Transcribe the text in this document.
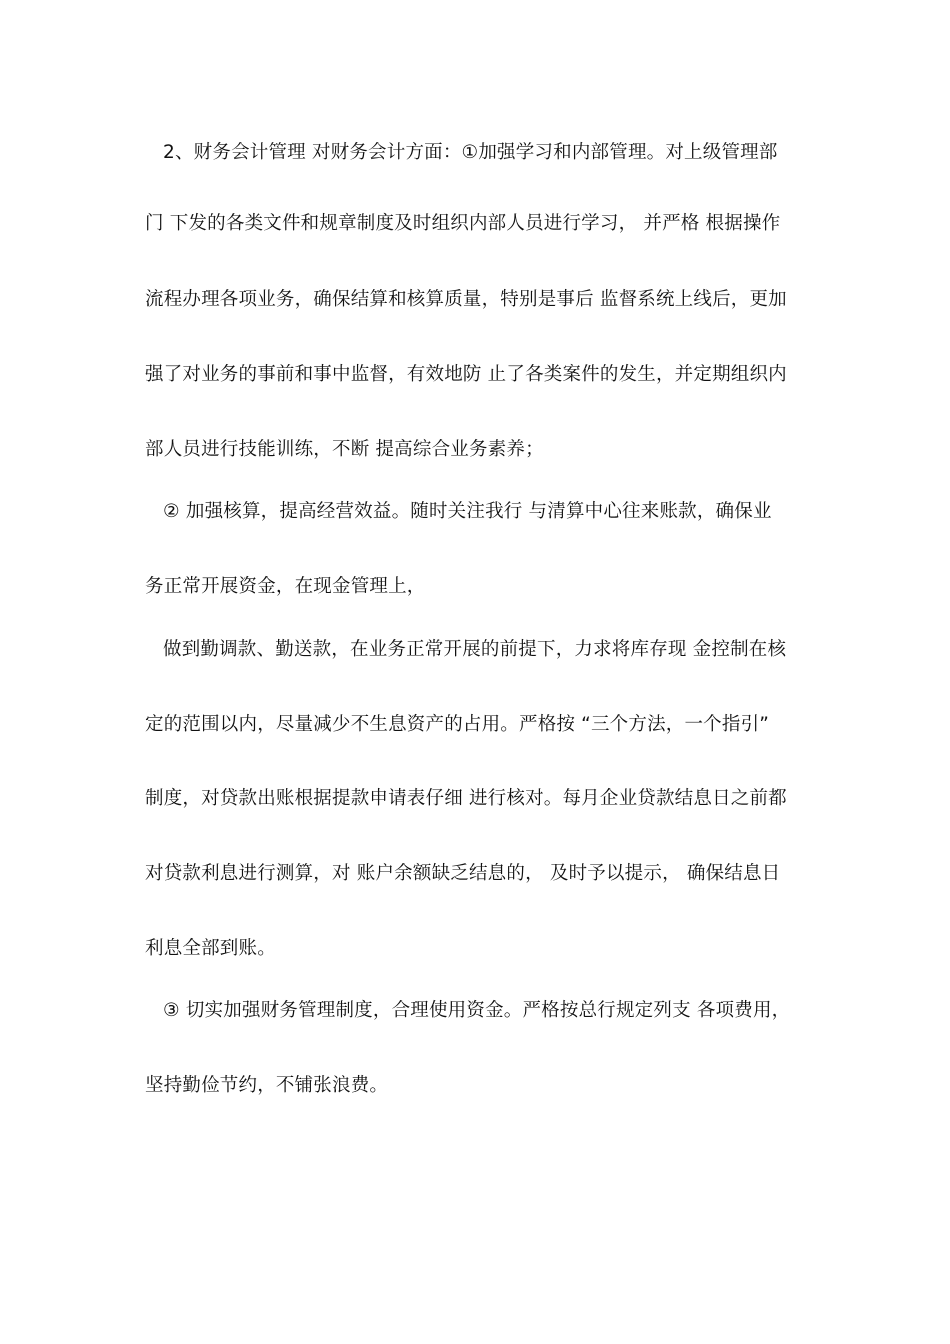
2、财务会计管理 对财务会计方面：①加强学习和内部管理。对上级管理部
门 下发的各类文件和规章制度及时组织内部人员进行学习， 并严格 根据操作
流程办理各项业务，确保结算和核算质量，特别是事后 监督系统上线后，更加
强了对业务的事前和事中监督，有效地防 止了各类案件的发生，并定期组织内
部人员进行技能训练，不断 提高综合业务素养；
② 加强核算，提高经营效益。随时关注我行 与清算中心往来账款，确保业
务正常开展资金，在现金管理上，
做到勤调款、勤送款，在业务正常开展的前提下，力求将库存现 金控制在核
定的范围以内，尽量减少不生息资产的占用。严格按 “三个方法，一个指引”
制度，对贷款出账根据提款申请表仔细 进行核对。每月企业贷款结息日之前都
对贷款利息进行测算，对 账户余额缺乏结息的， 及时予以提示， 确保结息日
利息全部到账。
③ 切实加强财务管理制度，合理使用资金。严格按总行规定列支 各项费用，
坚持勤俭节约，不铺张浪费。
